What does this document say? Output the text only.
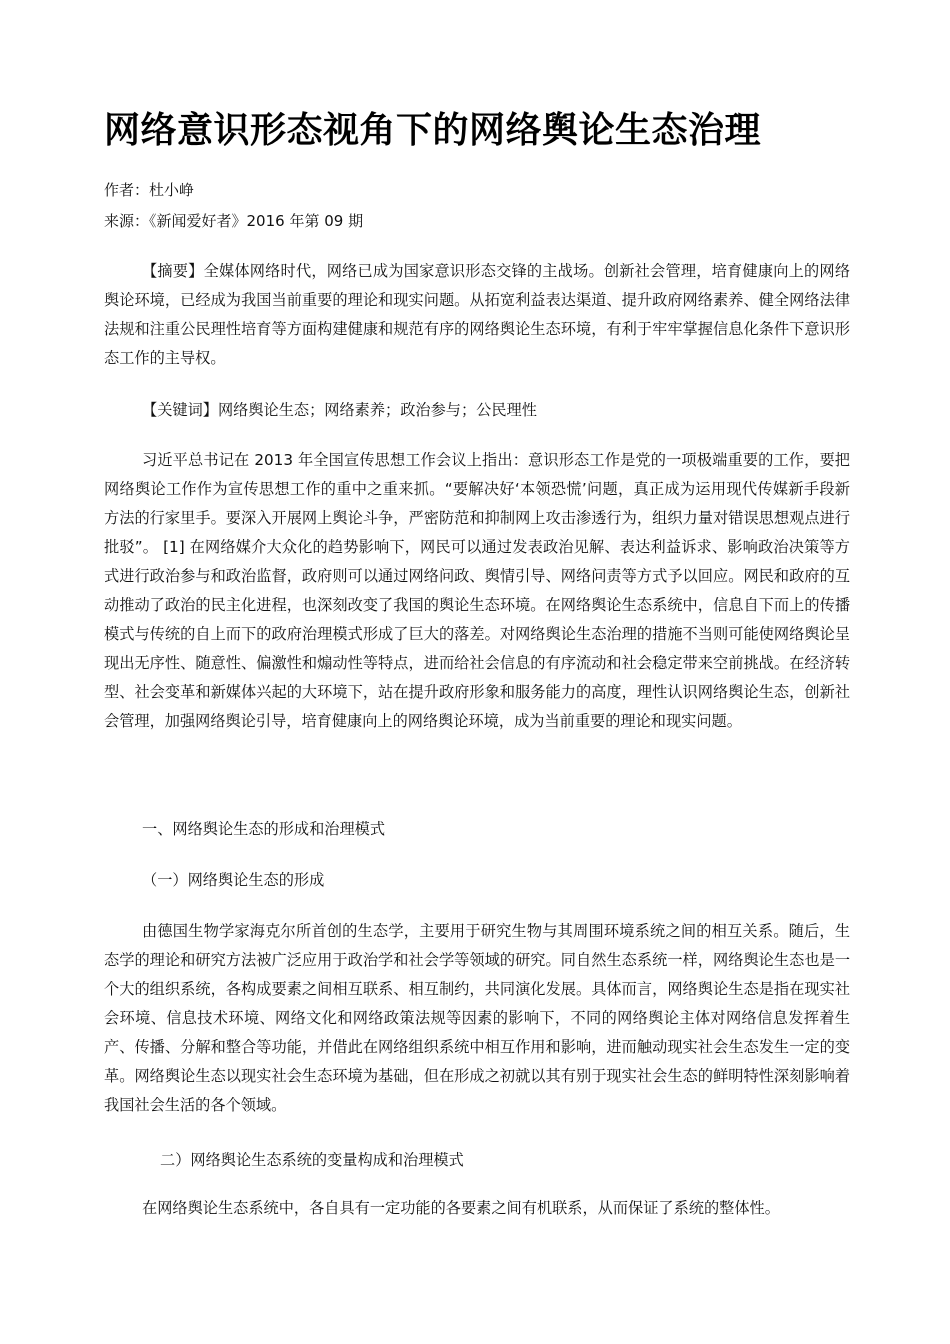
网络意识形态视角下的网络舆论生态治理

作者：杜小峥

来源：《新闻爱好者》2016 年第 09 期

【摘要】全媒体网络时代，网络已成为国家意识形态交锋的主战场。创新社会管理，培育健康向上的网络舆论环境，已经成为我国当前重要的理论和现实问题。从拓宽利益表达渠道、提升政府网络素养、健全网络法律法规和注重公民理性培育等方面构建健康和规范有序的网络舆论生态环境，有利于牢牢掌握信息化条件下意识形态工作的主导权。

【关键词】网络舆论生态；网络素养；政治参与；公民理性

习近平总书记在 2013 年全国宣传思想工作会议上指出：意识形态工作是党的一项极端重要的工作，要把网络舆论工作作为宣传思想工作的重中之重来抓。“要解决好‘本领恐慌’问题，真正成为运用现代传媒新手段新方法的行家里手。要深入开展网上舆论斗争，严密防范和抑制网上攻击渗透行为，组织力量对错误思想观点进行批驳”。 [1] 在网络媒介大众化的趋势影响下，网民可以通过发表政治见解、表达利益诉求、影响政治决策等方式进行政治参与和政治监督，政府则可以通过网络问政、舆情引导、网络问责等方式予以回应。网民和政府的互动推动了政治的民主化进程，也深刻改变了我国的舆论生态环境。在网络舆论生态系统中，信息自下而上的传播模式与传统的自上而下的政府治理模式形成了巨大的落差。对网络舆论生态治理的措施不当则可能使网络舆论呈现出无序性、随意性、偏激性和煽动性等特点，进而给社会信息的有序流动和社会稳定带来空前挑战。在经济转型、社会变革和新媒体兴起的大环境下，站在提升政府形象和服务能力的高度，理性认识网络舆论生态，创新社会管理，加强网络舆论引导，培育健康向上的网络舆论环境，成为当前重要的理论和现实问题。

一、网络舆论生态的形成和治理模式

（一）网络舆论生态的形成

由德国生物学家海克尔所首创的生态学，主要用于研究生物与其周围环境系统之间的相互关系。随后，生态学的理论和研究方法被广泛应用于政治学和社会学等领域的研究。同自然生态系统一样，网络舆论生态也是一个大的组织系统，各构成要素之间相互联系、相互制约，共同演化发展。具体而言，网络舆论生态是指在现实社会环境、信息技术环境、网络文化和网络政策法规等因素的影响下，不同的网络舆论主体对网络信息发挥着生产、传播、分解和整合等功能，并借此在网络组织系统中相互作用和影响，进而触动现实社会生态发生一定的变革。网络舆论生态以现实社会生态环境为基础，但在形成之初就以其有别于现实社会生态的鲜明特性深刻影响着我国社会生活的各个领域。

二）网络舆论生态系统的变量构成和治理模式

在网络舆论生态系统中，各自具有一定功能的各要素之间有机联系，从而保证了系统的整体性。
